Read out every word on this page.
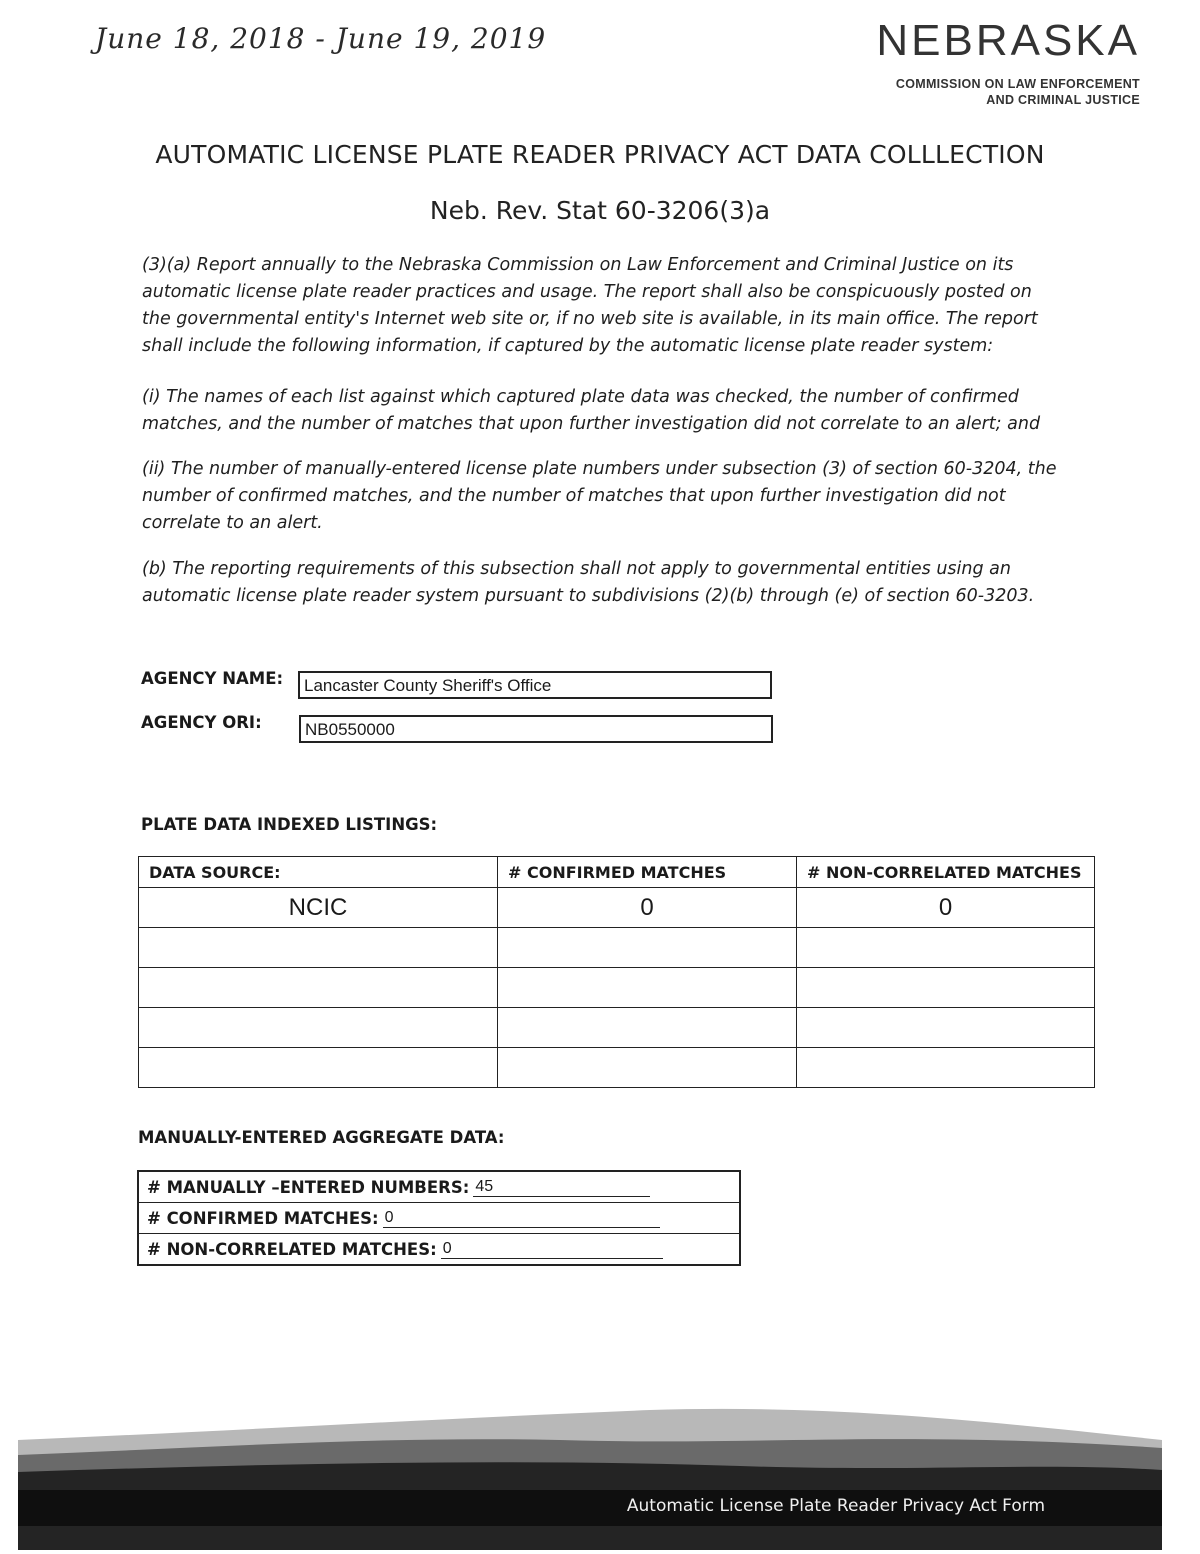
June 18, 2018 - June 19, 2019	NEBRASKA
COMMISSION ON LAW ENFORCEMENT
AND CRIMINAL JUSTICE
AUTOMATIC LICENSE PLATE READER PRIVACY ACT DATA COLLLECTION
Neb. Rev. Stat 60-3206(3)a
(3)(a) Report annually to the Nebraska Commission on Law Enforcement and Criminal Justice on its automatic license plate reader practices and usage. The report shall also be conspicuously posted on the governmental entity's Internet web site or, if no web site is available, in its main office. The report shall include the following information, if captured by the automatic license plate reader system:
(i) The names of each list against which captured plate data was checked, the number of confirmed matches, and the number of matches that upon further investigation did not correlate to an alert; and
(ii) The number of manually-entered license plate numbers under subsection (3) of section 60-3204, the number of confirmed matches, and the number of matches that upon further investigation did not correlate to an alert.
(b) The reporting requirements of this subsection shall not apply to governmental entities using an automatic license plate reader system pursuant to subdivisions (2)(b) through (e) of section 60-3203.
AGENCY NAME:	Lancaster County Sheriff's Office
AGENCY ORI:	NB0550000
PLATE DATA INDEXED LISTINGS:
DATA SOURCE:	# CONFIRMED MATCHES	# NON-CORRELATED MATCHES
NCIC	0	0

MANUALLY-ENTERED AGGREGATE DATA:
# MANUALLY –ENTERED NUMBERS: 45
# CONFIRMED MATCHES: 0
# NON-CORRELATED MATCHES: 0
Automatic License Plate Reader Privacy Act Form
